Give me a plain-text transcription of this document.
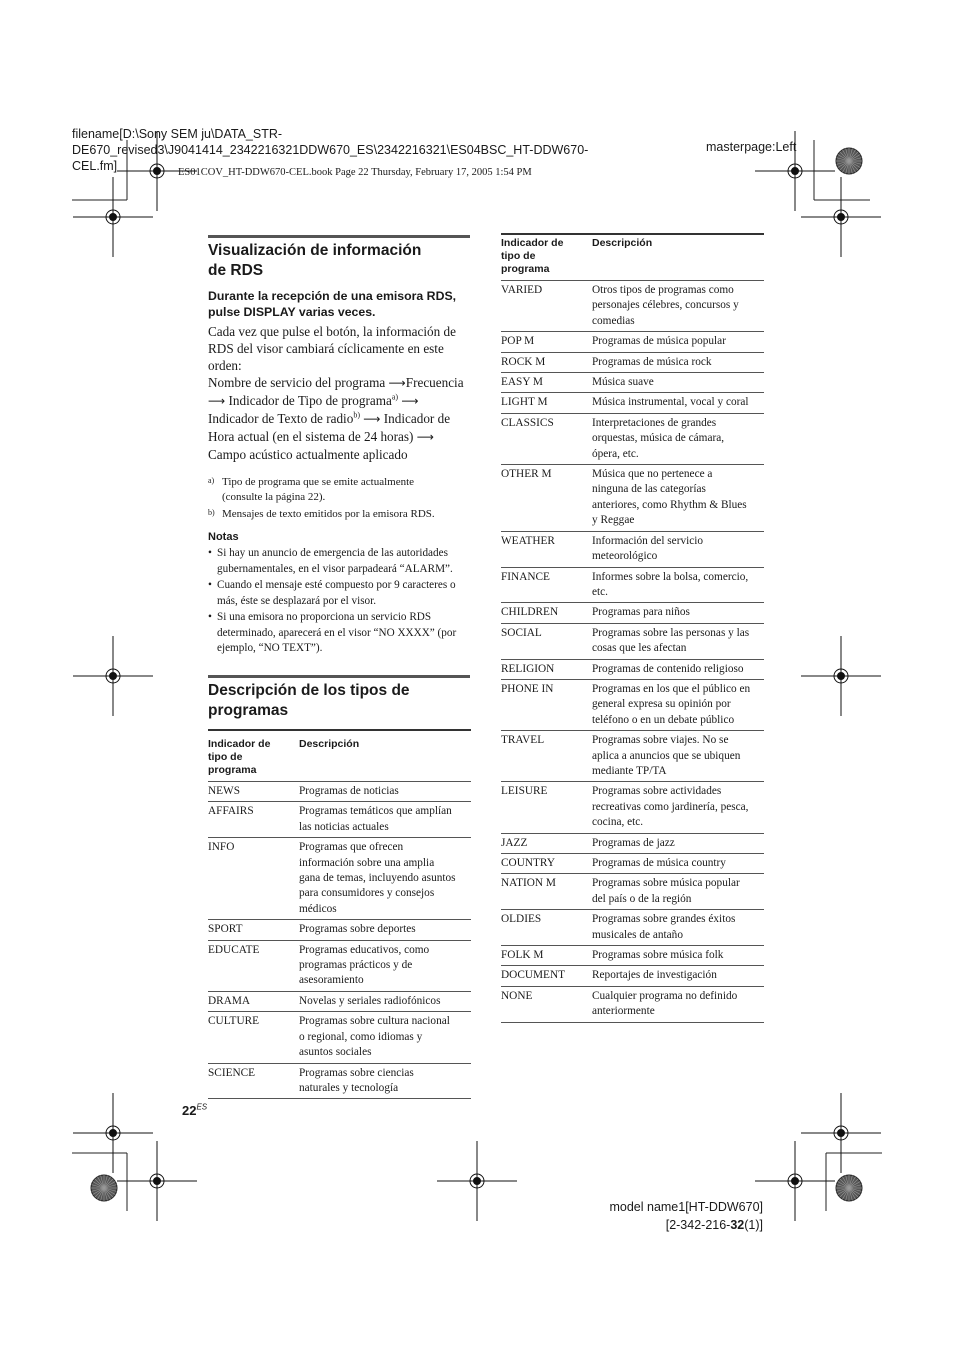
filename[D:\Sony SEM ju\DATA_STR-
DE670_revised3\J9041414_2342216321DDW670_ES\2342216321\ES04BSC_HT-DDW670-
CEL.fm]
masterpage:Left
ES01COV_HT-DDW670-CEL.book Page 22 Thursday, February 17, 2005 1:54 PM
Visualización de información
de RDS
Durante la recepción de una emisora RDS,
pulse DISPLAY varias veces.
Cada vez que pulse el botón, la información de
RDS del visor cambiará cíclicamente en este
orden:
Nombre de servicio del programa ⟶Frecuencia
⟶ Indicador de Tipo de programa$^{a)}$ ⟶
Indicador de Texto de radio$^{b)}$ ⟶ Indicador de
Hora actual (en el sistema de 24 horas) ⟶
Campo acústico actualmente aplicado
a) Tipo de programa que se emite actualmente
(consulte la página 22).
b) Mensajes de texto emitidos por la emisora RDS.
Notas
• Si hay un anuncio de emergencia de las autoridades
gubernamentales, en el visor parpadeará “ALARM”.
• Cuando el mensaje esté compuesto por 9 caracteres o
más, éste se desplazará por el visor.
• Si una emisora no proporciona un servicio RDS
determinado, aparecerá en el visor “NO XXXX” (por
ejemplo, “NO TEXT”).
Descripción de los tipos de
programas
Indicador de
tipo de
programa	Descripción
NEWS	Programas de noticias

AFFAIRS	Programas temáticos que amplían
las noticias actuales

INFO	Programas que ofrecen
información sobre una amplia
gana de temas, incluyendo asuntos
para consumidores y consejos
médicos

SPORT	Programas sobre deportes

EDUCATE	Programas educativos, como
programas prácticos y de
asesoramiento

DRAMA	Novelas y seriales radiofónicos

CULTURE	Programas sobre cultura nacional
o regional, como idiomas y
asuntos sociales

SCIENCE	Programas sobre ciencias
naturales y tecnología
Indicador de
tipo de
programa	Descripción
VARIED	Otros tipos de programas como
personajes célebres, concursos y
comedias

POP M	Programas de música popular

ROCK M	Programas de música rock

EASY M	Música suave

LIGHT M	Música instrumental, vocal y coral

CLASSICS	Interpretaciones de grandes
orquestas, música de cámara,
ópera, etc.

OTHER M	Música que no pertenece a
ninguna de las categorías
anteriores, como Rhythm & Blues
y Reggae

WEATHER	Información del servicio
meteorológico

FINANCE	Informes sobre la bolsa, comercio,
etc.

CHILDREN	Programas para niños

SOCIAL	Programas sobre las personas y las
cosas que les afectan

RELIGION	Programas de contenido religioso

PHONE IN	Programas en los que el público en
general expresa su opinión por
teléfono o en un debate público

TRAVEL	Programas sobre viajes. No se
aplica a anuncios que se ubiquen
mediante TP/TA

LEISURE	Programas sobre actividades
recreativas como jardinería, pesca,
cocina, etc.

JAZZ	Programas de jazz

COUNTRY	Programas de música country

NATION M	Programas sobre música popular
del país o de la región

OLDIES	Programas sobre grandes éxitos
musicales de antaño

FOLK M	Programas sobre música folk

DOCUMENT	Reportajes de investigación

NONE	Cualquier programa no definido
anteriormente
$22^{ES}$
model name1[HT-DDW670]
[2-342-216-32(1)]
